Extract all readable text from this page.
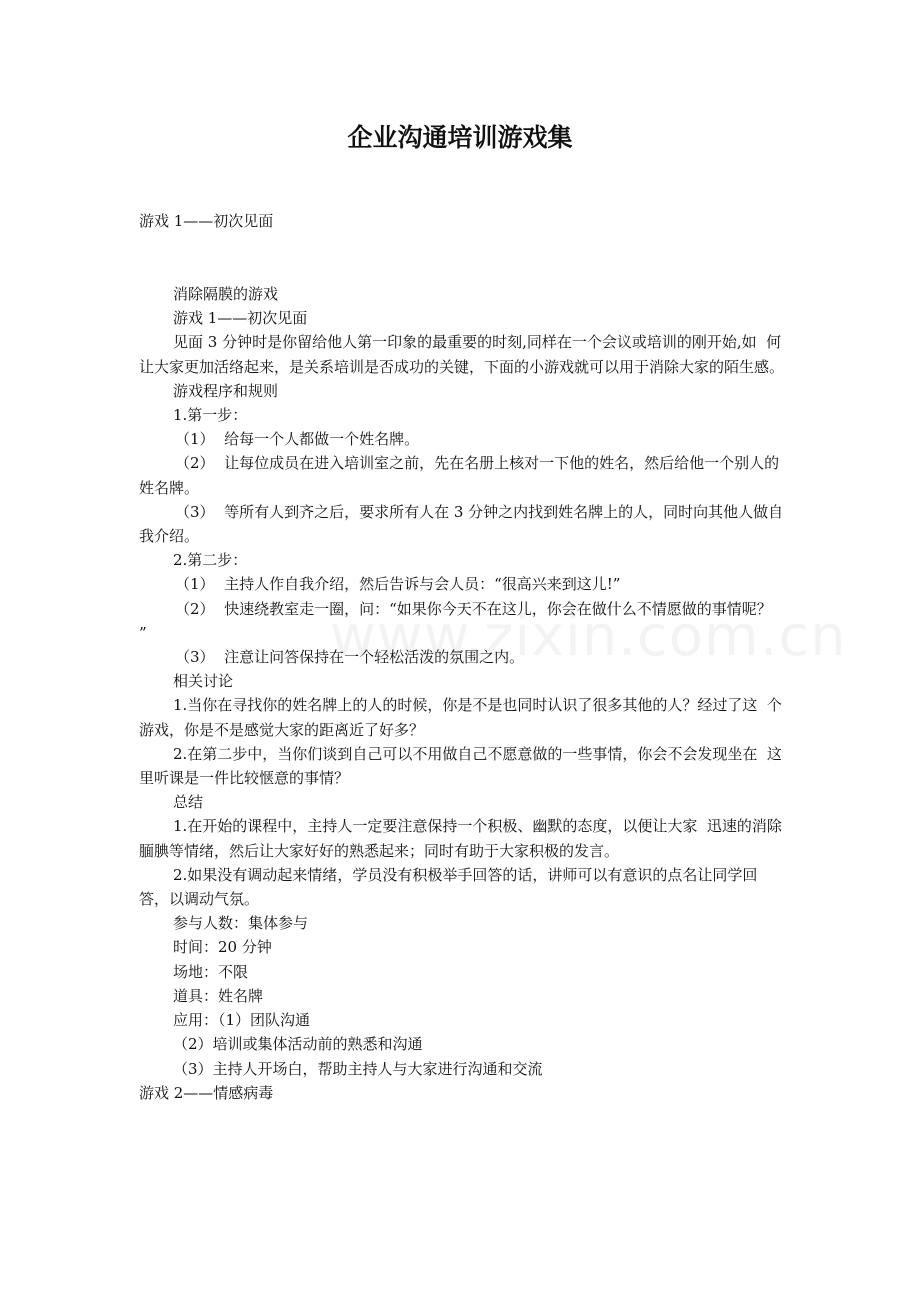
企业沟通培训游戏集
游戏 1——初次见面

消除隔膜的游戏

游戏 1——初次见面

见面 3 分钟时是你留给他人第一印象的最重要的时刻,同样在一个会议或培训的刚开始,如  何  让大家更加活络起来，是关系培训是否成功的关键，下面的小游戏就可以用于消除大家的陌生感。

游戏程序和规则

1.第一步：

（1）  给每一个人都做一个姓名牌。

（2）  让每位成员在进入培训室之前，先在名册上核对一下他的姓名，然后给他一个别人的姓名牌。

（3）  等所有人到齐之后，要求所有人在 3 分钟之内找到姓名牌上的人，同时向其他人做自我介绍。

2.第二步：

（1）  主持人作自我介绍，然后告诉与会人员：“很高兴来到这儿!”

（2）  快速绕教室走一圈，问：“如果你今天不在这儿，你会在做什么不情愿做的事情呢？  ”

（3）  注意让问答保持在一个轻松活泼的氛围之内。

相关讨论

1.当你在寻找你的姓名牌上的人的时候，你是不是也同时认识了很多其他的人？经过了这  个游戏，你是不是感觉大家的距离近了好多？

2.在第二步中，当你们谈到自己可以不用做自己不愿意做的一些事情，你会不会发现坐在  这里听课是一件比较惬意的事情？

总结

1.在开始的课程中，主持人一定要注意保持一个积极、幽默的态度，以便让大家  迅速的消除腼腆等情绪，然后让大家好好的熟悉起来；同时有助于大家积极的发言。

2.如果没有调动起来情绪，学员没有积极举手回答的话，讲师可以有意识的点名让同学回  答，以调动气氛。

参与人数：集体参与

时间：20 分钟

场地：不限

道具：姓名牌

应用：（1）团队沟通

（2）培训或集体活动前的熟悉和沟通

（3）主持人开场白，帮助主持人与大家进行沟通和交流

游戏 2——情感病毒
